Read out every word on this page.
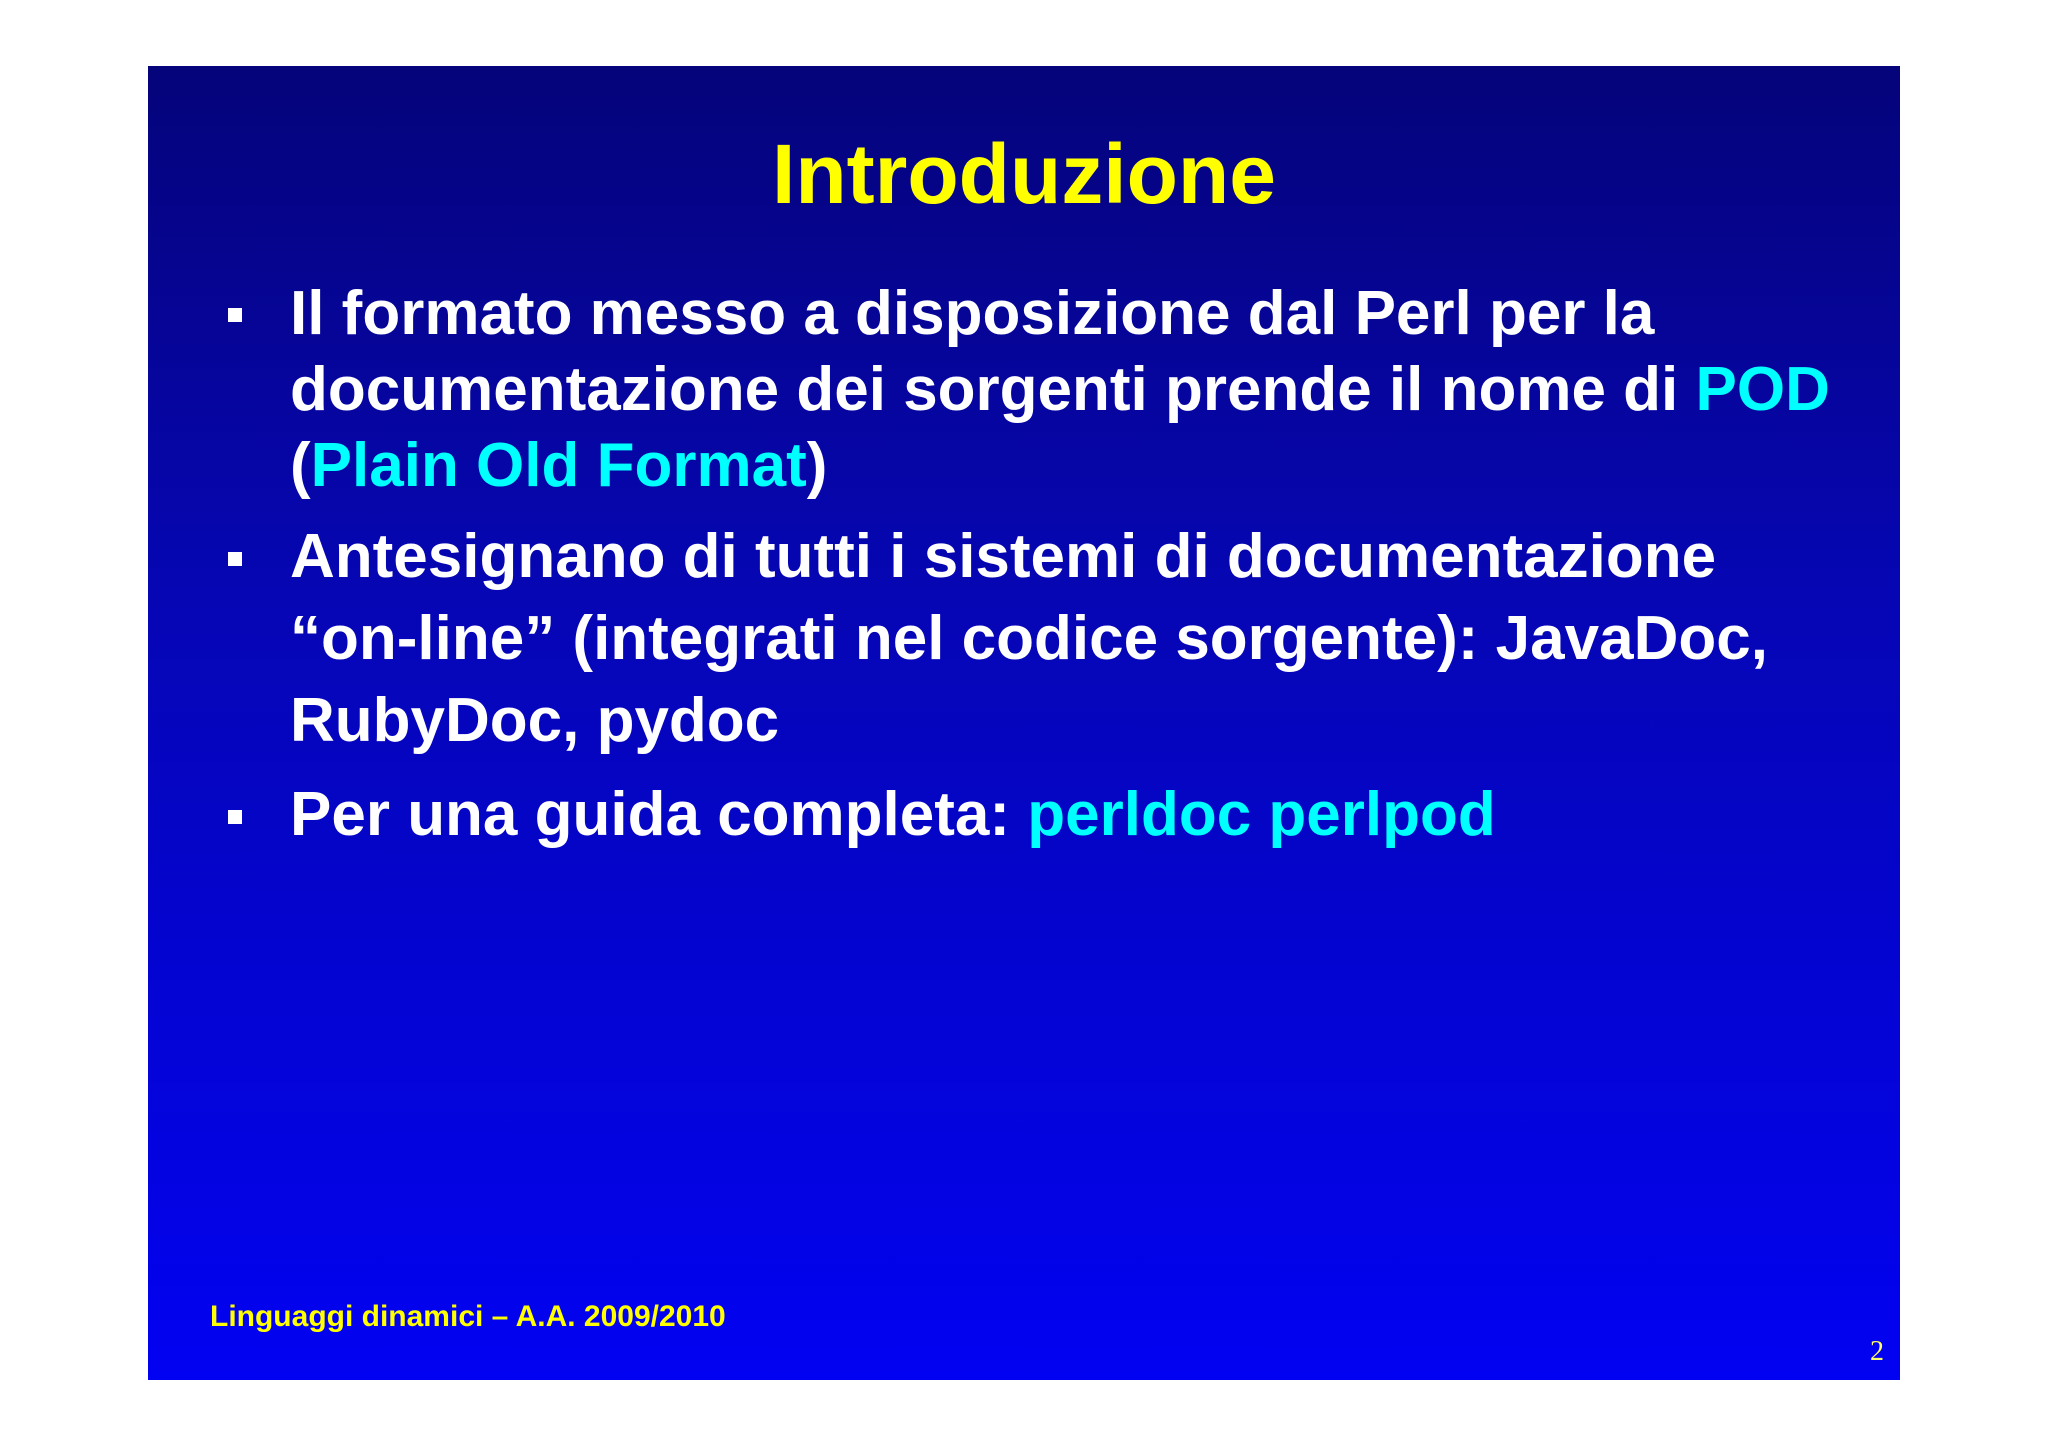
Introduzione
Il formato messo a disposizione dal Perl per la documentazione dei sorgenti prende il nome di POD (Plain Old Format)
Antesignano di tutti i sistemi di documentazione “on-line” (integrati nel codice sorgente): JavaDoc, RubyDoc, pydoc
Per una guida completa: perldoc perlpod
Linguaggi dinamici – A.A. 2009/2010
2
